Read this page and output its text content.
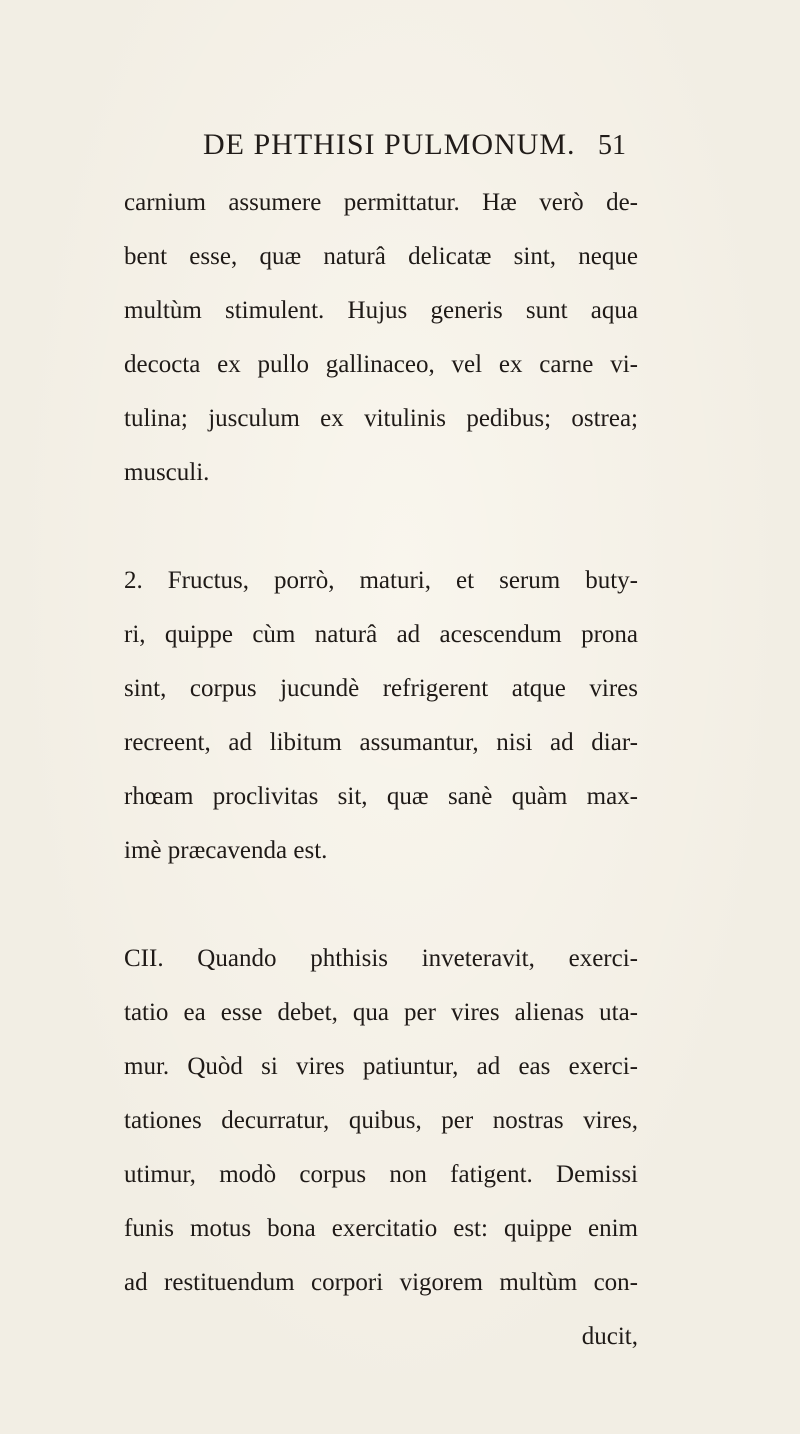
DE PHTHISI PULMONUM. 51
carnium assumere permittatur. Hæ verò de-
bent esse, quæ naturâ delicatæ sint, neque
multùm stimulent. Hujus generis sunt aqua
decocta ex pullo gallinaceo, vel ex carne vi-
tulina; jusculum ex vitulinis pedibus; ostrea;
musculi.
2. Fructus, porrò, maturi, et serum buty-
ri, quippe cùm naturâ ad acescendum prona
sint, corpus jucundè refrigerent atque vires
recreent, ad libitum assumantur, nisi ad diar-
rhœam proclivitas sit, quæ sanè quàm max-
imè præcavenda est.
CII. Quando phthisis inveteravit, exerci-
tatio ea esse debet, qua per vires alienas uta-
mur. Quòd si vires patiuntur, ad eas exerci-
tationes decurratur, quibus, per nostras vires,
utimur, modò corpus non fatigent. Demissi
funis motus bona exercitatio est: quippe enim
ad restituendum corpori vigorem multùm con-
ducit,
